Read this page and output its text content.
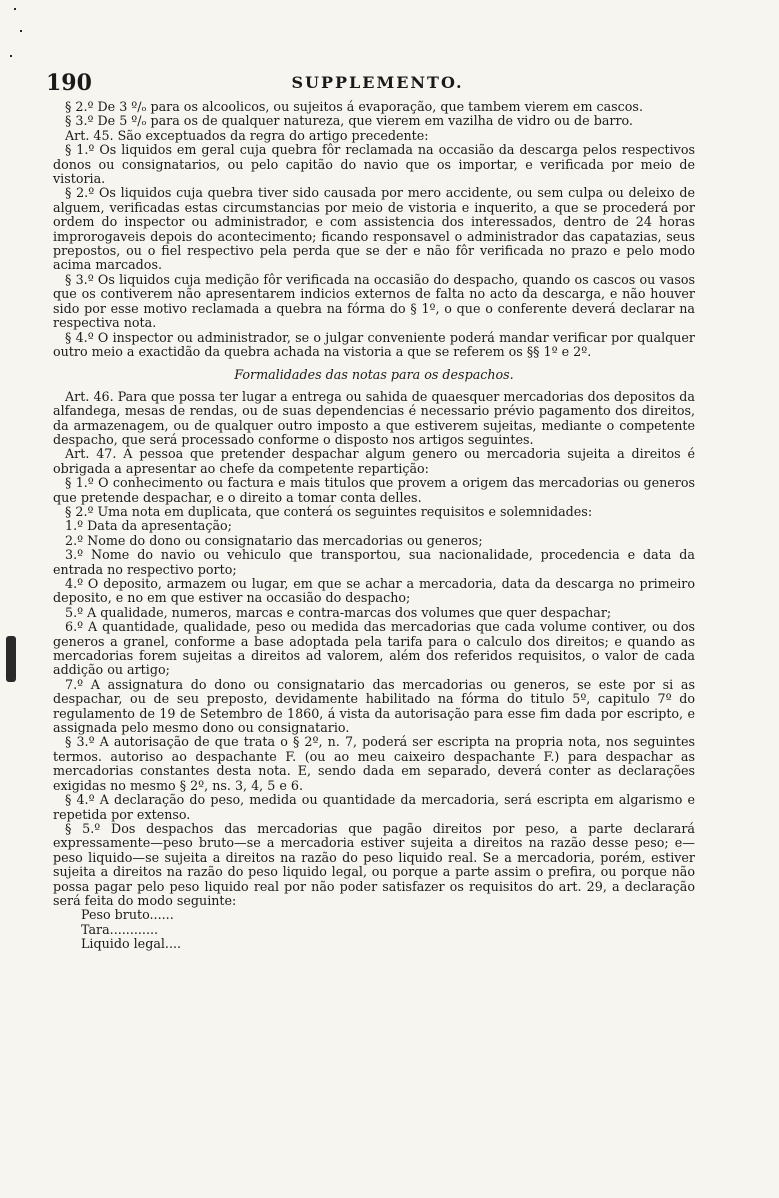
190	SUPPLEMENTO.

§ 2.º De 3 º/ₒ para os alcoolicos, ou sujeitos á evaporação, que tambem vierem em cascos.

§ 3.º De 5 º/ₒ para os de qualquer natureza, que vierem em vazilha de vidro ou de barro.

Art. 45. São exceptuados da regra do artigo precedente:

§ 1.º Os liquidos em geral cuja quebra fôr reclamada na occasião da descarga pelos respectivos donos ou consignatarios, ou pelo capitão do navio que os importar, e verificada por meio de vistoria.

§ 2.º Os liquidos cuja quebra tiver sido causada por mero accidente, ou sem culpa ou deleixo de alguem, verificadas estas circumstancias por meio de vistoria e inquerito, a que se procederá por ordem do inspector ou administrador, e com assistencia dos interessados, dentro de 24 horas improrogaveis depois do acontecimento; ficando responsavel o administrador das capatazias, seus prepostos, ou o fiel respectivo pela perda que se der e não fôr verificada no prazo e pelo modo acima marcados.

§ 3.º Os liquidos cuja medição fôr verificada na occasião do despacho, quando os cascos ou vasos que os contiverem não apresentarem indicios externos de falta no acto da descarga, e não houver sido por esse motivo reclamada a quebra na fórma do § 1º, o que o conferente deverá declarar na respectiva nota.

§ 4.º O inspector ou administrador, se o julgar conveniente poderá mandar verificar por qualquer outro meio a exactidão da quebra achada na vistoria a que se referem os §§ 1º e 2º.

Formalidades das notas para os despachos.

Art. 46. Para que possa ter lugar a entrega ou sahida de quaesquer mercadorias dos depositos da alfandega, mesas de rendas, ou de suas dependencias é necessario prévio pagamento dos direitos, da armazenagem, ou de qualquer outro imposto a que estiverem sujeitas, mediante o competente despacho, que será processado conforme o disposto nos artigos seguintes.

Art. 47. A pessoa que pretender despachar algum genero ou mercadoria sujeita a direitos é obrigada a apresentar ao chefe da competente repartição:

§ 1.º O conhecimento ou factura e mais titulos que provem a origem das mercadorias ou generos que pretende despachar, e o direito a tomar conta delles.

§ 2.º Uma nota em duplicata, que conterá os seguintes requisitos e solemnidades:

1.º Data da apresentação;

2.º Nome do dono ou consignatario das mercadorias ou generos;

3.º Nome do navio ou vehiculo que transportou, sua nacionalidade, procedencia e data da entrada no respectivo porto;

4.º O deposito, armazem ou lugar, em que se achar a mercadoria, data da descarga no primeiro deposito, e no em que estiver na occasião do despacho;

5.º A qualidade, numeros, marcas e contra-marcas dos volumes que quer despachar;

6.º A quantidade, qualidade, peso ou medida das mercadorias que cada volume contiver, ou dos generos a granel, conforme a base adoptada pela tarifa para o calculo dos direitos; e quando as mercadorias forem sujeitas a direitos ad valorem, além dos referidos requisitos, o valor de cada addição ou artigo;

7.º A assignatura do dono ou consignatario das mercadorias ou generos, se este por si as despachar, ou de seu preposto, devidamente habilitado na fórma do titulo 5º, capitulo 7º do regulamento de 19 de Setembro de 1860, á vista da autorisação para esse fim dada por escripto, e assignada pelo mesmo dono ou consignatario.

§ 3.º A autorisação de que trata o § 2º, n. 7, poderá ser escripta na propria nota, nos seguintes termos. autoriso ao despachante F. (ou ao meu caixeiro despachante F.) para despachar as mercadorias constantes desta nota. E, sendo dada em separado, deverá conter as declarações exigidas no mesmo § 2º, ns. 3, 4, 5 e 6.

§ 4.º A declaração do peso, medida ou quantidade da mercadoria, será escripta em algarismo e repetida por extenso.

§ 5.º Dos despachos das mercadorias que pagão direitos por peso, a parte declarará expressamente—peso bruto—se a mercadoria estiver sujeita a direitos na razão desse peso; e—peso liquido—se sujeita a direitos na razão do peso liquido real. Se a mercadoria, porém, estiver sujeita a direitos na razão do peso liquido legal, ou porque a parte assim o prefira, ou porque não possa pagar pelo peso liquido real por não poder satisfazer os requisitos do art. 29, a declaração será feita do modo seguinte:

Peso bruto......

Tara............

Liquido legal....
